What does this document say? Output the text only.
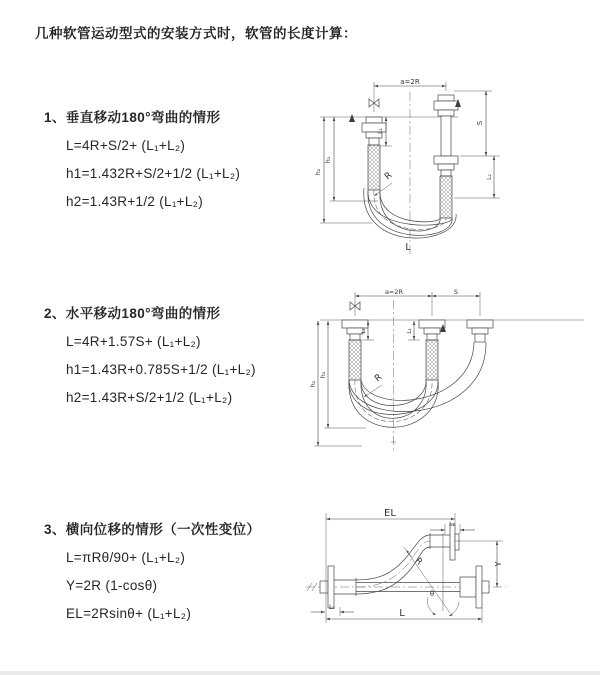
几种软管运动型式的安装方式时，软管的长度计算：
1、垂直移动180°弯曲的情形
L=4R+S/2+ (L₁+L₂)
h1=1.432R+S/2+1/2 (L₁+L₂)
h2=1.43R+1/2 (L₁+L₂)
2、水平移动180°弯曲的情形
L=4R+1.57S+ (L₁+L₂)
h1=1.43R+0.785S+1/2 (L₁+L₂)
h2=1.43R+S/2+1/2 (L₁+L₂)
3、横向位移的情形（一次性变位）
L=πRθ/90+ (L₁+L₂)
Y=2R (1-cosθ)
EL=2Rsinθ+ (L₁+L₂)
a=2R
h₁
h₂
L₁
S
L₂
R
L
a=2R	S
h₁
h₂
L₁	L₂
R
θ
R
EL
L₁
Y
L₂
L
